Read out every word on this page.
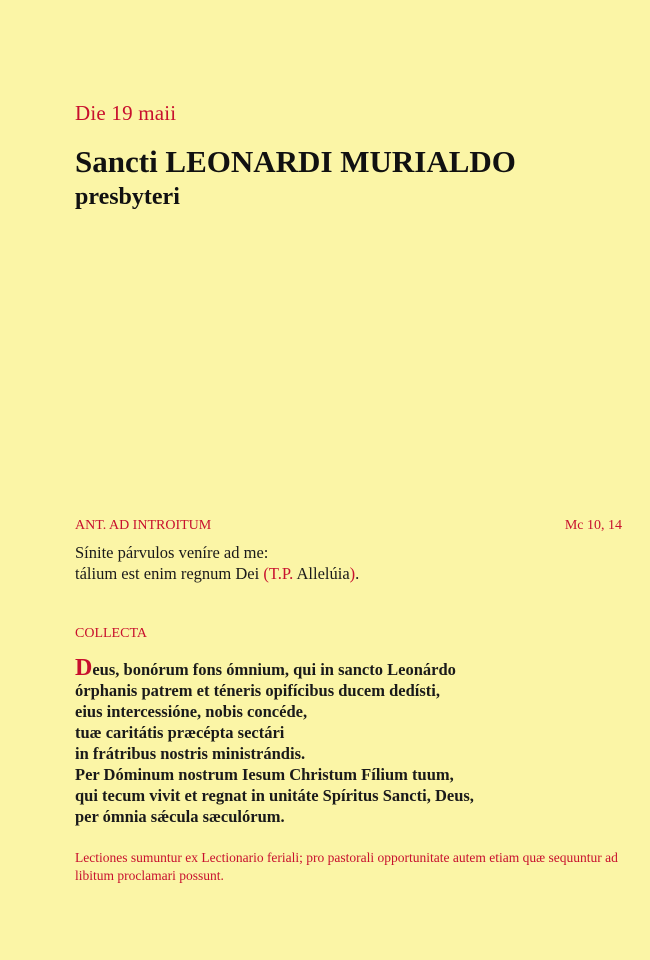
Die 19 maii
Sancti LEONARDI MURIALDO
presbyteri
ANT. AD INTROITUM	Mc 10, 14
Sínite párvulos veníre ad me:
tálium est enim regnum Dei (T.P. Allelúia).
COLLECTA
Deus, bonórum fons ómnium, qui in sancto Leonárdo
órphanis patrem et téneris opifícibus ducem dedísti,
eius intercessióne, nobis concéde,
tuæ caritátis præcépta sectári
in frátribus nostris ministrándis.
Per Dóminum nostrum Iesum Christum Fílium tuum,
qui tecum vivit et regnat in unitáte Spíritus Sancti, Deus,
per ómnia sǽcula sæculórum.
Lectiones sumuntur ex Lectionario feriali; pro pastorali opportunitate autem etiam quæ sequuntur ad libitum proclamari possunt.
